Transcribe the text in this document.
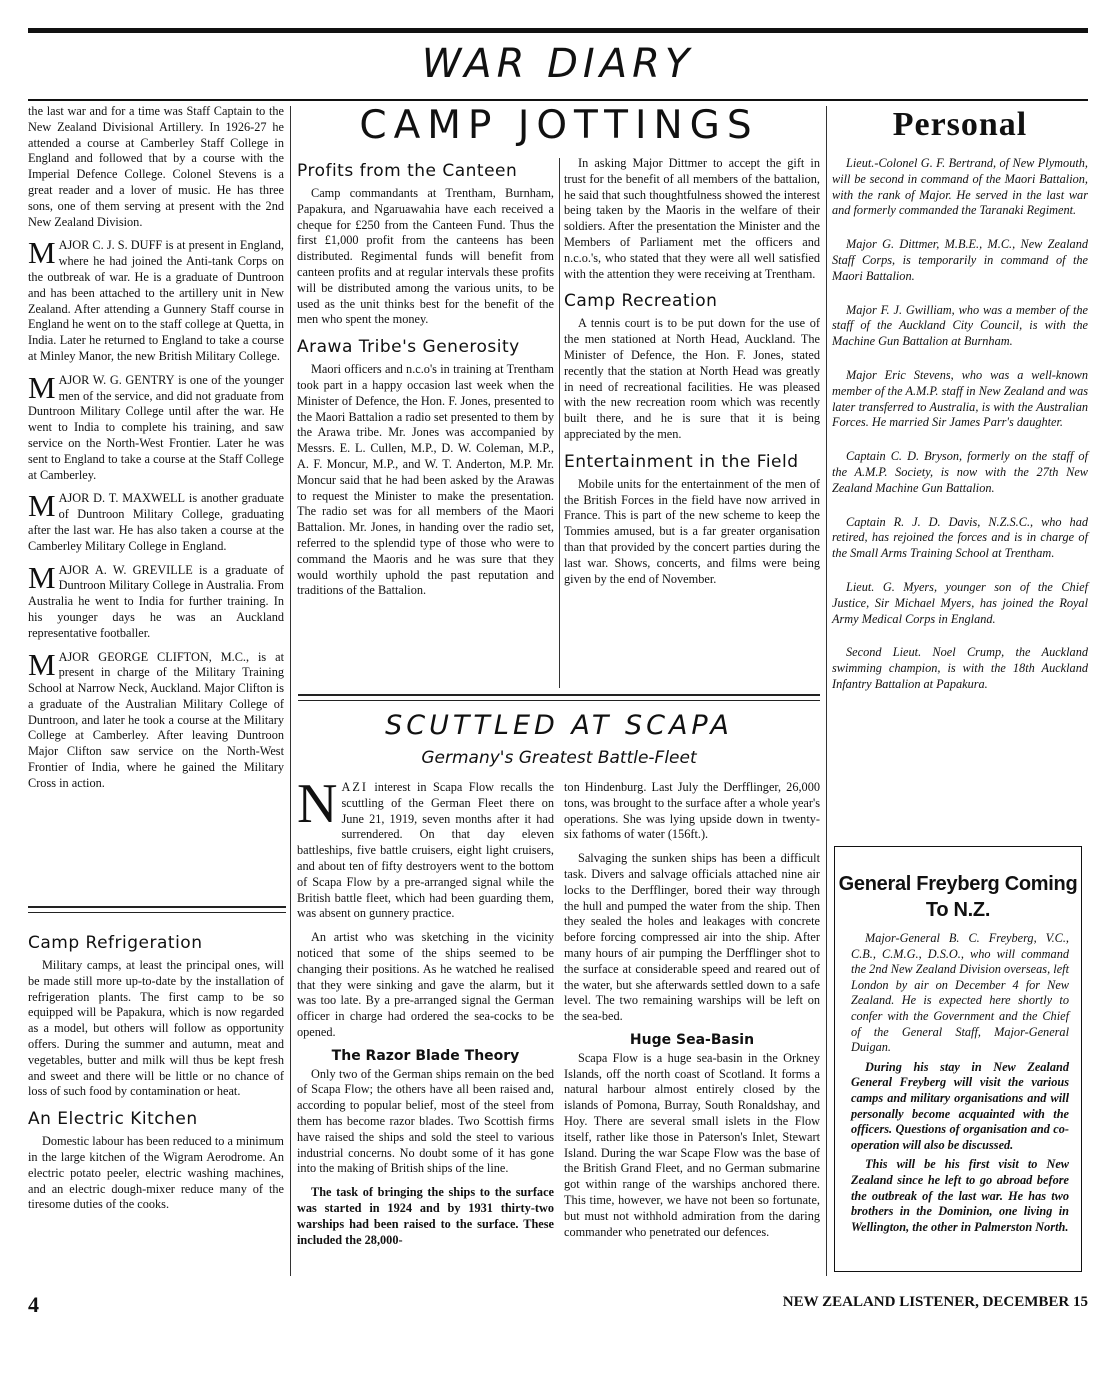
WAR DIARY

the last war and for a time was Staff Captain to the New Zealand Divisional Artillery. In 1926-27 he attended a course at Camberley Staff College in England and followed that by a course with the Imperial Defence College. Colonel Stevens is a great reader and a lover of music. He has three sons, one of them serving at present with the 2nd New Zealand Division.

MAJOR C. J. S. DUFF is at present in England, where he had joined the Anti-tank Corps on the outbreak of war. He is a graduate of Duntroon and has been attached to the artillery unit in New Zealand. After attending a Gunnery Staff course in England he went on to the staff college at Quetta, in India. Later he returned to England to take a course at Minley Manor, the new British Military College.

MAJOR W. G. GENTRY is one of the younger men of the service, and did not graduate from Duntroon Military College until after the war. He went to India to complete his training, and saw service on the North-West Frontier. Later he was sent to England to take a course at the Staff College at Camberley.

MAJOR D. T. MAXWELL is another graduate of Duntroon Military College, graduating after the last war. He has also taken a course at the Camberley Military College in England.

MAJOR A. W. GREVILLE is a graduate of Duntroon Military College in Australia. From Australia he went to India for further training. In his younger days he was an Auckland representative footballer.

MAJOR GEORGE CLIFTON, M.C., is at present in charge of the Military Training School at Narrow Neck, Auckland. Major Clifton is a graduate of the Australian Military College of Duntroon, and later he took a course at the Military College at Camberley. After leaving Duntroon Major Clifton saw service on the North-West Frontier of India, where he gained the Military Cross in action.

Camp Refrigeration

Military camps, at least the principal ones, will be made still more up-to-date by the installation of refrigeration plants. The first camp to be so equipped will be Papakura, which is now regarded as a model, but others will follow as opportunity offers. During the summer and autumn, meat and vegetables, butter and milk will thus be kept fresh and sweet and there will be little or no chance of loss of such food by contamination or heat.

An Electric Kitchen

Domestic labour has been reduced to a minimum in the large kitchen of the Wigram Aerodrome. An electric potato peeler, electric washing machines, and an electric dough-mixer reduce many of the tiresome duties of the cooks.

CAMP JOTTINGS
Profits from the Canteen

Camp commandants at Trentham, Burnham, Papakura, and Ngaruawahia have each received a cheque for £250 from the Canteen Fund. Thus the first £1,000 profit from the canteens has been distributed. Regimental funds will benefit from canteen profits and at regular intervals these profits will be distributed among the various units, to be used as the unit thinks best for the benefit of the men who spent the money.

Arawa Tribe's Generosity

Maori officers and n.c.o's in training at Trentham took part in a happy occasion last week when the Minister of Defence, the Hon. F. Jones, presented to the Maori Battalion a radio set presented to them by the Arawa tribe. Mr. Jones was accompanied by Messrs. E. L. Cullen, M.P., D. W. Coleman, M.P., A. F. Moncur, M.P., and W. T. Anderton, M.P. Mr. Moncur said that he had been asked by the Arawas to request the Minister to make the presentation. The radio set was for all members of the Maori Battalion. Mr. Jones, in handing over the radio set, referred to the splendid type of those who were to command the Maoris and he was sure that they would worthily uphold the past reputation and traditions of the Battalion.

In asking Major Dittmer to accept the gift in trust for the benefit of all members of the battalion, he said that such thoughtfulness showed the interest being taken by the Maoris in the welfare of their soldiers. After the presentation the Minister and the Members of Parliament met the officers and n.c.o.'s, who stated that they were all well satisfied with the attention they were receiving at Trentham.

Camp Recreation

A tennis court is to be put down for the use of the men stationed at North Head, Auckland. The Minister of Defence, the Hon. F. Jones, stated recently that the station at North Head was greatly in need of recreational facilities. He was pleased with the new recreation room which was recently built there, and he is sure that it is being appreciated by the men.

Entertainment in the Field

Mobile units for the entertainment of the men of the British Forces in the field have now arrived in France. This is part of the new scheme to keep the Tommies amused, but is a far greater organisation than that provided by the concert parties during the last war. Shows, concerts, and films were being given by the end of November.

SCUTTLED AT SCAPA
Germany's Greatest Battle-Fleet

NAZI interest in Scapa Flow recalls the scuttling of the German Fleet there on June 21, 1919, seven months after it had surrendered. On that day eleven battleships, five battle cruisers, eight light cruisers, and about ten of fifty destroyers went to the bottom of Scapa Flow by a pre-arranged signal while the British battle fleet, which had been guarding them, was absent on gunnery practice.

An artist who was sketching in the vicinity noticed that some of the ships seemed to be changing their positions. As he watched he realised that they were sinking and gave the alarm, but it was too late. By a pre-arranged signal the German officer in charge had ordered the sea-cocks to be opened.

The Razor Blade Theory

Only two of the German ships remain on the bed of Scapa Flow; the others have all been raised and, according to popular belief, most of the steel from them has become razor blades. Two Scottish firms have raised the ships and sold the steel to various industrial concerns. No doubt some of it has gone into the making of British ships of the line.

The task of bringing the ships to the surface was started in 1924 and by 1931 thirty-two warships had been raised to the surface. These included the 28,000-

ton Hindenburg. Last July the Derfflinger, 26,000 tons, was brought to the surface after a whole year's operations. She was lying upside down in twenty-six fathoms of water (156ft.).

Salvaging the sunken ships has been a difficult task. Divers and salvage officials attached nine air locks to the Derfflinger, bored their way through the hull and pumped the water from the ship. Then they sealed the holes and leakages with concrete before forcing compressed air into the ship. After many hours of air pumping the Derfflinger shot to the surface at considerable speed and reared out of the water, but she afterwards settled down to a safe level. The two remaining warships will be left on the sea-bed.

Huge Sea-Basin

Scapa Flow is a huge sea-basin in the Orkney Islands, off the north coast of Scotland. It forms a natural harbour almost entirely closed by the islands of Pomona, Burray, South Ronaldshay, and Hoy. There are several small islets in the Flow itself, rather like those in Paterson's Inlet, Stewart Island. During the war Scape Flow was the base of the British Grand Fleet, and no German submarine got within range of the warships anchored there. This time, however, we have not been so fortunate, but must not withhold admiration from the daring commander who penetrated our defences.

Personal

Lieut.-Colonel G. F. Bertrand, of New Plymouth, will be second in command of the Maori Battalion, with the rank of Major. He served in the last war and formerly commanded the Taranaki Regiment.

Major G. Dittmer, M.B.E., M.C., New Zealand Staff Corps, is temporarily in command of the Maori Battalion.

Major F. J. Gwilliam, who was a member of the staff of the Auckland City Council, is with the Machine Gun Battalion at Burnham.

Major Eric Stevens, who was a well-known member of the A.M.P. staff in New Zealand and was later transferred to Australia, is with the Australian Forces. He married Sir James Parr's daughter.

Captain C. D. Bryson, formerly on the staff of the A.M.P. Society, is now with the 27th New Zealand Machine Gun Battalion.

Captain R. J. D. Davis, N.Z.S.C., who had retired, has rejoined the forces and is in charge of the Small Arms Training School at Trentham.

Lieut. G. Myers, younger son of the Chief Justice, Sir Michael Myers, has joined the Royal Army Medical Corps in England.

Second Lieut. Noel Crump, the Auckland swimming champion, is with the 18th Auckland Infantry Battalion at Papakura.

General Freyberg Coming
To N.Z.

Major-General B. C. Freyberg, V.C., C.B., C.M.G., D.S.O., who will command the 2nd New Zealand Division overseas, left London by air on December 4 for New Zealand. He is expected here shortly to confer with the Government and the Chief of the General Staff, Major-General Duigan.

During his stay in New Zealand General Freyberg will visit the various camps and military organisations and will personally become acquainted with the officers. Questions of organisation and co-operation will also be discussed.

This will be his first visit to New Zealand since he left to go abroad before the outbreak of the last war. He has two brothers in the Dominion, one living in Wellington, the other in Palmerston North.

4	NEW ZEALAND LISTENER, DECEMBER 15
